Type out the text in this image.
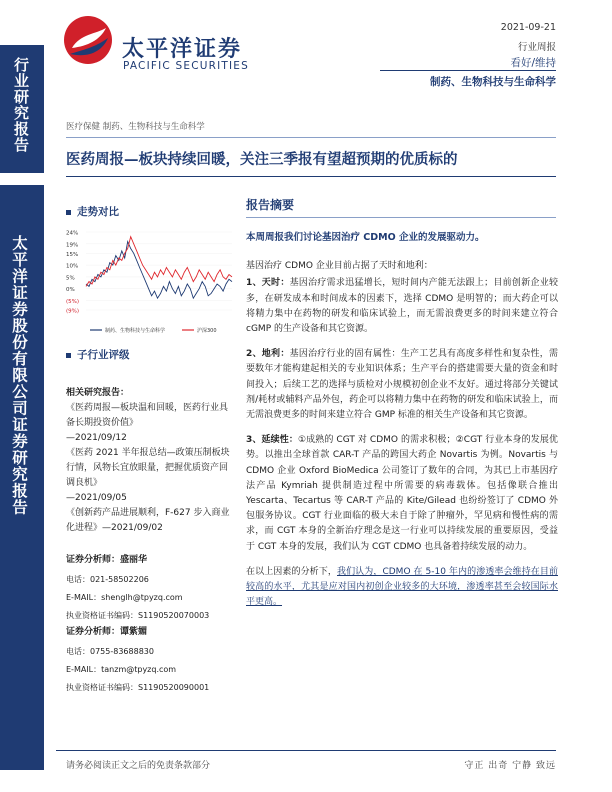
行业研究报告
太平洋证券股份有限公司证券研究报告
太平洋证券
PACIFIC SECURITIES
2021-09-21
行业周报
看好/维持
制药、生物科技与生命科学
医疗保健 制药、生物科技与生命科学
医药周报—板块持续回暖，关注三季报有望超预期的优质标的
走势对比
24%
19%
15%
10%
5%
0%
(5%)
(9%)
制药、生物科技与生命科学	沪深300
子行业评级
相关研究报告：
《医药周报—板块温和回暖，医药行业具备长期投资价值》
—2021/09/12
《医药 2021 半年报总结—政策压制板块行情，风物长宜放眼量，把握优质资产回调良机》
—2021/09/05
《创新药产品进展顺利，F-627 步入商业化进程》—2021/09/02
证券分析师：盛丽华
电话：021-58502206
E-MAIL：shenglh@tpyzq.com
执业资格证书编码：S1190520070003
证券分析师：谭紫媚
电话：0755-83688830
E-MAIL：tanzm@tpyzq.com
执业资格证书编码：S1190520090001
报告摘要

本周周报我们讨论基因治疗 CDMO 企业的发展驱动力。

基因治疗 CDMO 企业目前占据了天时和地利：

1、天时：基因治疗需求迅猛增长，短时间内产能无法跟上；目前创新企业较多，在研发成本和时间成本的因素下，选择 CDMO 是明智的；而大药企可以将精力集中在药物的研发和临床试验上，而无需浪费更多的时间来建立符合 cGMP 的生产设备和其它资源。

2、地利：基因治疗行业的固有属性：生产工艺具有高度多样性和复杂性，需要数年才能构建起相关的专业知识体系；生产平台的搭建需要大量的资金和时间投入；后续工艺的选择与质检对小规模初创企业不友好。通过将部分关键试剂/耗材或辅料产品外包，药企可以将精力集中在药物的研发和临床试验上，而无需浪费更多的时间来建立符合 GMP 标准的相关生产设备和其它资源。

3、延续性：①成熟的 CGT 对 CDMO 的需求积极；②CGT 行业本身的发展优势。以推出全球首款 CAR-T 产品的跨国大药企 Novartis 为例。Novartis 与 CDMO 企业 Oxford BioMedica 公司签订了数年的合同，为其已上市基因疗法产品 Kymriah 提供制造过程中所需要的病毒载体。包括像联合推出 Yescarta、Tecartus 等 CAR-T 产品的 Kite/Gilead 也纷纷签订了 CDMO 外包服务协议。CGT 行业面临的极大未自于除了肿瘤外，罕见病和慢性病的需求，而 CGT 本身的全新治疗理念是这一行业可以持续发展的重要原因，受益于 CGT 本身的发展，我们认为 CGT CDMO 也具备着持续发展的动力。

在以上因素的分析下，我们认为，CDMO 在 5-10 年内的渗透率会维持在目前较高的水平，尤其是应对国内初创企业较多的大环境，渗透率甚至会较国际水平更高。

请务必阅读正文之后的免责条款部分	守正 出奇 宁静 致远
